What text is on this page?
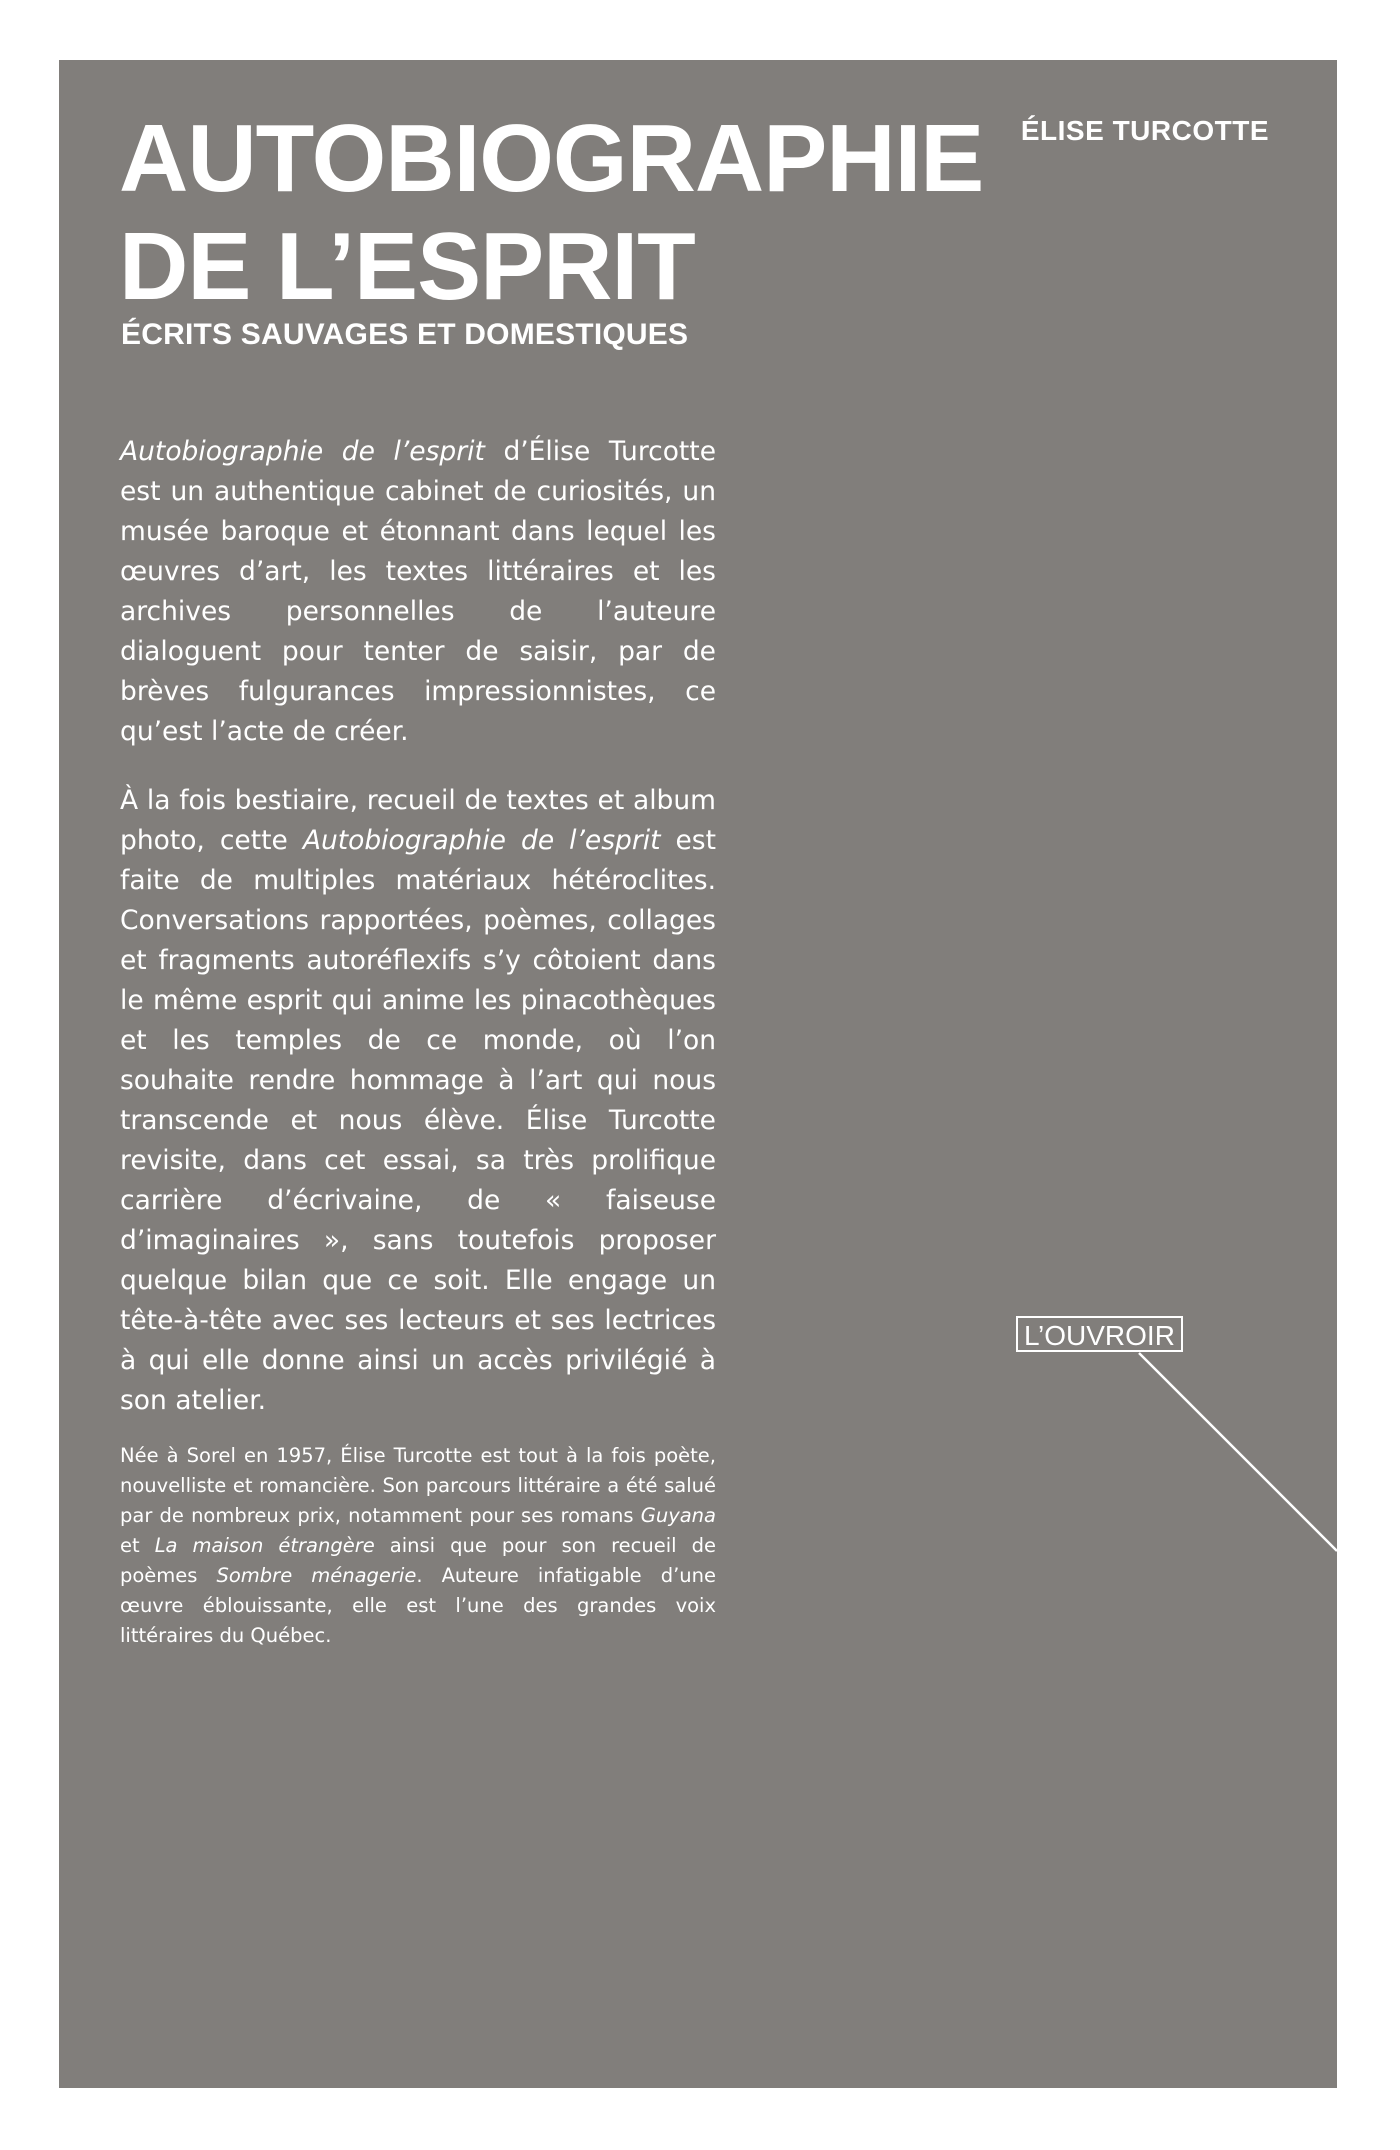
AUTOBIOGRAPHIE
DE L’ESPRIT
ÉCRITS SAUVAGES ET DOMESTIQUES
ÉLISE TURCOTTE

Autobiographie de l’esprit d’Élise Turcotte est un authentique cabinet de curiosités, un musée baroque et étonnant dans lequel les œuvres d’art, les textes littéraires et les archives personnelles de l’auteure dialoguent pour tenter de saisir, par de brèves fulgurances impressionnistes, ce qu’est l’acte de créer.

À la fois bestiaire, recueil de textes et album photo, cette Autobiographie de l’esprit est faite de multiples matériaux hétéroclites. Conversations rapportées, poèmes, collages et fragments autoréflexifs s’y côtoient dans le même esprit qui anime les pinacothèques et les temples de ce monde, où l’on souhaite rendre hommage à l’art qui nous transcende et nous élève. Élise Turcotte revisite, dans cet essai, sa très prolifique carrière d’écrivaine, de « faiseuse d’imaginaires », sans toutefois proposer quelque bilan que ce soit. Elle engage un tête-à-tête avec ses lecteurs et ses lectrices à qui elle donne ainsi un accès privilégié à son atelier.

Née à Sorel en 1957, Élise Turcotte est tout à la fois poète, nouvelliste et romancière. Son parcours littéraire a été salué par de nombreux prix, notamment pour ses romans Guyana et La maison étrangère ainsi que pour son recueil de poèmes Sombre ménagerie. Auteure infatigable d’une œuvre éblouissante, elle est l’une des grandes voix littéraires du Québec.

L’OUVROIR
